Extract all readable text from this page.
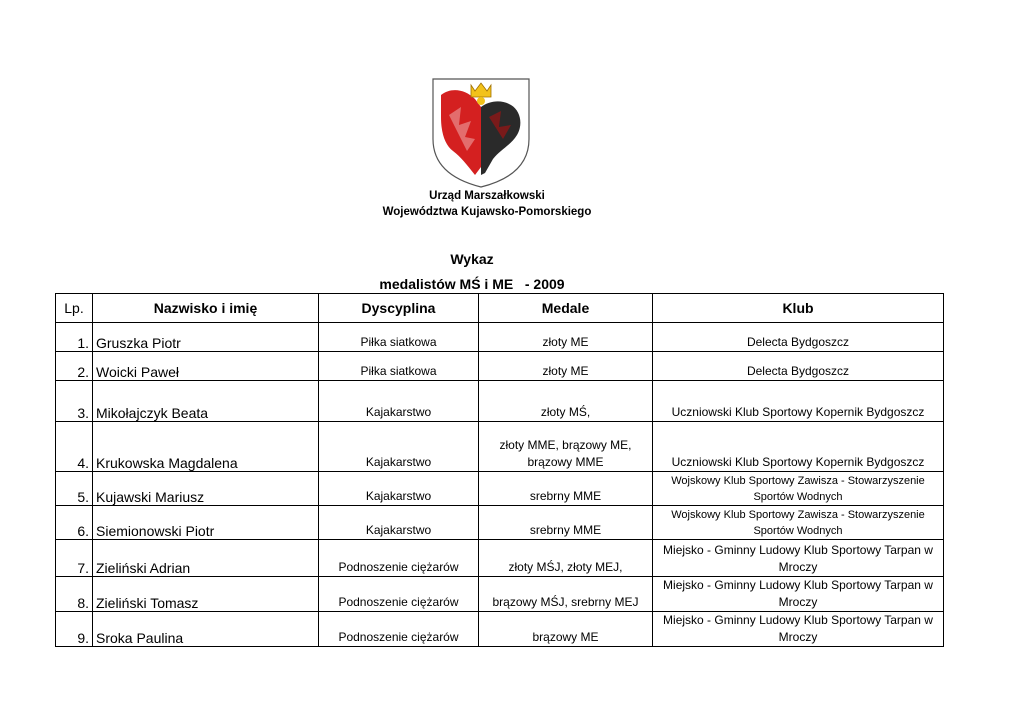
Urząd Marszałkowski
Województwa Kujawsko-Pomorskiego
Wykaz
medalistów MŚ i ME   - 2009
Lp.	Nazwisko i imię	Dyscyplina	Medale	Klub
1.	Gruszka Piotr	Piłka siatkowa	złoty ME	Delecta Bydgoszcz
2.	Woicki Paweł	Piłka siatkowa	złoty ME	Delecta Bydgoszcz
3.	Mikołajczyk Beata	Kajakarstwo	złoty MŚ,	Uczniowski Klub Sportowy Kopernik Bydgoszcz
4.	Krukowska Magdalena	Kajakarstwo	złoty MME, brązowy ME, brązowy MME	Uczniowski Klub Sportowy Kopernik Bydgoszcz
5.	Kujawski Mariusz	Kajakarstwo	srebrny MME	Wojskowy Klub Sportowy Zawisza - Stowarzyszenie Sportów Wodnych
6.	Siemionowski Piotr	Kajakarstwo	srebrny MME	Wojskowy Klub Sportowy Zawisza - Stowarzyszenie Sportów Wodnych
7.	Zieliński Adrian	Podnoszenie ciężarów	złoty MŚJ, złoty MEJ,	Miejsko - Gminny Ludowy Klub Sportowy Tarpan w Mroczy
8.	Zieliński Tomasz	Podnoszenie ciężarów	brązowy MŚJ, srebrny MEJ	Miejsko - Gminny Ludowy Klub Sportowy Tarpan w Mroczy
9.	Sroka Paulina	Podnoszenie ciężarów	brązowy ME	Miejsko - Gminny Ludowy Klub Sportowy Tarpan w Mroczy
